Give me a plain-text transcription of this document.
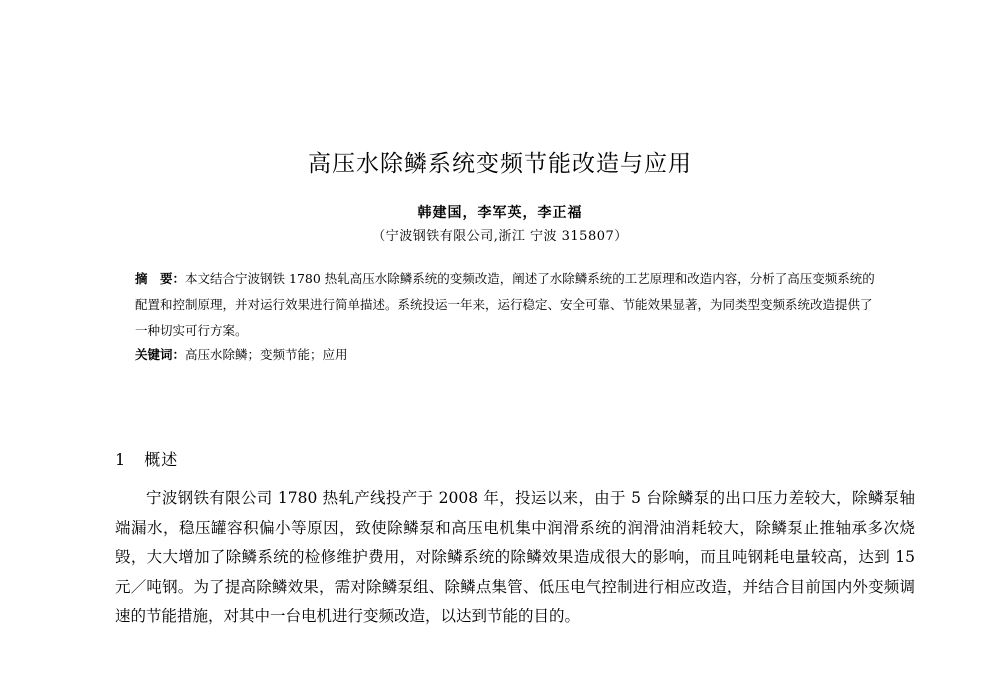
高压水除鳞系统变频节能改造与应用
韩建国，李军英，李正福
（宁波钢铁有限公司,浙江 宁波 315807）

摘　要：本文结合宁波钢铁 1780 热轧高压水除鳞系统的变频改造，阐述了水除鳞系统的工艺原理和改造内容，分析了高压变频系统的配置和控制原理，并对运行效果进行简单描述。系统投运一年来，运行稳定、安全可靠、节能效果显著，为同类型变频系统改造提供了一种切实可行方案。

关键词：高压水除鳞；变频节能；应用

1 概述

宁波钢铁有限公司 1780 热轧产线投产于 2008 年，投运以来，由于 5 台除鳞泵的出口压力差较大，除鳞泵轴端漏水，稳压罐容积偏小等原因，致使除鳞泵和高压电机集中润滑系统的润滑油消耗较大，除鳞泵止推轴承多次烧毁，大大增加了除鳞系统的检修维护费用，对除鳞系统的除鳞效果造成很大的影响，而且吨钢耗电量较高，达到 15 元／吨钢。为了提高除鳞效果，需对除鳞泵组、除鳞点集管、低压电气控制进行相应改造，并结合目前国内外变频调速的节能措施，对其中一台电机进行变频改造，以达到节能的目的。
